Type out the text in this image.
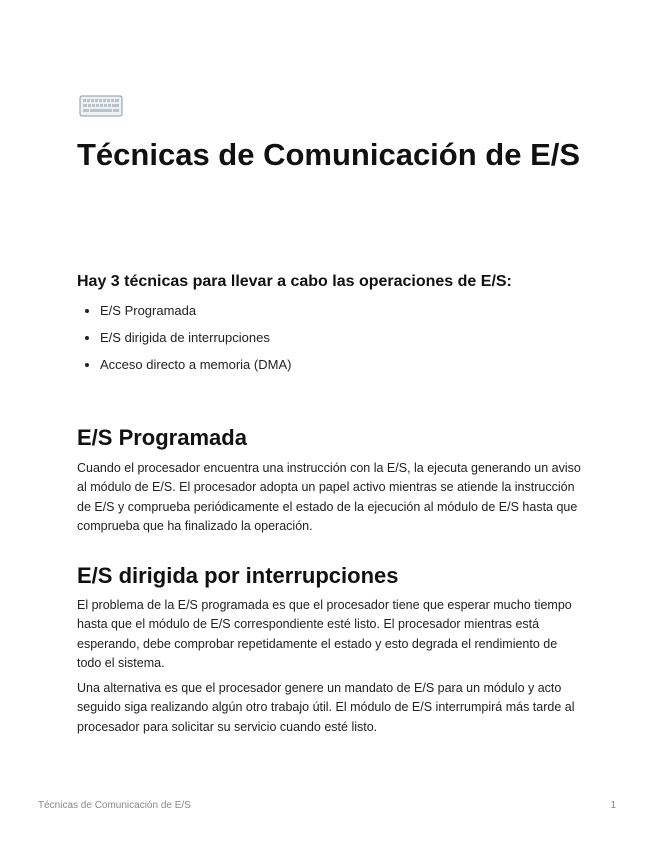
Técnicas de Comunicación de E/S
Hay 3 técnicas para llevar a cabo las operaciones de E/S:
• E/S Programada
• E/S dirigida de interrupciones
• Acceso directo a memoria (DMA)
E/S Programada

Cuando el procesador encuentra una instrucción con la E/S, la ejecuta generando un aviso al módulo de E/S. El procesador adopta un papel activo mientras se atiende la instrucción de E/S y comprueba periódicamente el estado de la ejecución al módulo de E/S hasta que comprueba que ha finalizado la operación.

E/S dirigida por interrupciones

El problema de la E/S programada es que el procesador tiene que esperar mucho tiempo hasta que el módulo de E/S correspondiente esté listo. El procesador mientras está esperando, debe comprobar repetidamente el estado y esto degrada el rendimiento de todo el sistema.

Una alternativa es que el procesador genere un mandato de E/S para un módulo y acto seguido siga realizando algún otro trabajo útil. El módulo de E/S interrumpirá más tarde al procesador para solicitar su servicio cuando esté listo.

Técnicas de Comunicación de E/S	1
